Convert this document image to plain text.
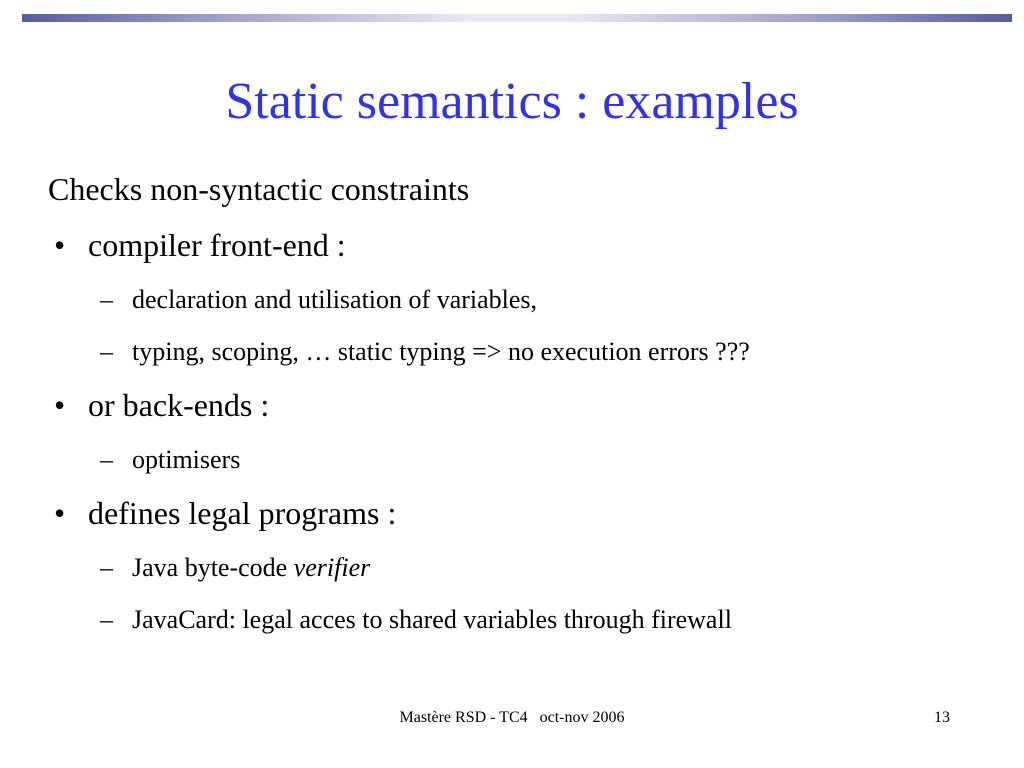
Static semantics : examples

Checks non-syntactic constraints

• compiler front-end :
– declaration and utilisation of variables,
– typing, scoping, … static typing => no execution errors ???
• or back-ends :
– optimisers
• defines legal programs :
– Java byte-code verifier
– JavaCard: legal acces to shared variables through firewall
Mastère RSD - TC4   oct-nov 2006	13
